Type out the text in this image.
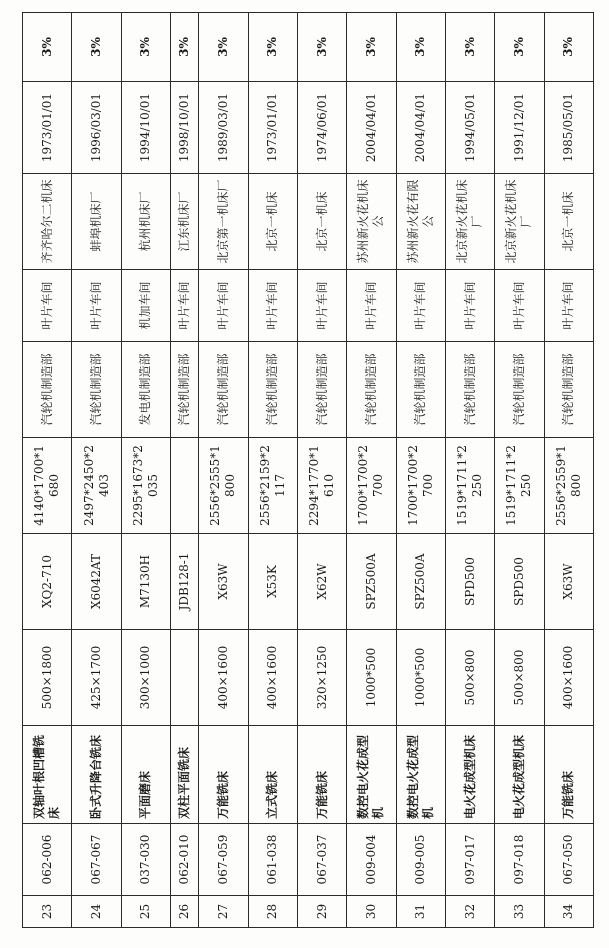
23	062-006	双轴叶根凹槽铣床	500×1800	XQ2-710	4140*1700*1680	汽轮机制造部	叶片车间	齐齐哈尔二机床	1973/01/01	3%
24	067-067	卧式升降台铣床	425×1700	X6042AT	2497*2450*2403	汽轮机制造部	叶片车间	蚌埠机床厂	1996/03/01	3%
25	037-030	平面磨床	300×1000	M7130H	2295*1673*2035	发电机制造部	机加车间	杭州机床厂	1994/10/01	3%
26	062-010	双柱平面铣床		JDB128-1		汽轮机制造部	叶片车间	江东机床厂	1998/10/01	3%
27	067-059	万能铣床	400×1600	X63W	2556*2555*1800	汽轮机制造部	叶片车间	北京第一机床厂	1989/03/01	3%
28	061-038	立式铣床	400×1600	X53K	2556*2159*2117	汽轮机制造部	叶片车间	北京一机床	1973/01/01	3%
29	067-037	万能铣床	320×1250	X62W	2294*1770*1610	汽轮机制造部	叶片车间	北京一机床	1974/06/01	3%
30	009-004	数控电火花成型机	1000*500	SPZ500A	1700*1700*2700	汽轮机制造部	叶片车间	苏州新火花机床公	2004/04/01	3%
31	009-005	数控电火花成型机	1000*500	SPZ500A	1700*1700*2700	汽轮机制造部	叶片车间	苏州新火花有限公	2004/04/01	3%
32	097-017	电火花成型机床	500×800	SPD500	1519*1711*2250	汽轮机制造部	叶片车间	北京新火花机床厂	1994/05/01	3%
33	097-018	电火花成型机床	500×800	SPD500	1519*1711*2250	汽轮机制造部	叶片车间	北京新火花机床厂	1991/12/01	3%
34	067-050	万能铣床	400×1600	X63W	2556*2559*1800	汽轮机制造部	叶片车间	北京一机床	1985/05/01	3%
